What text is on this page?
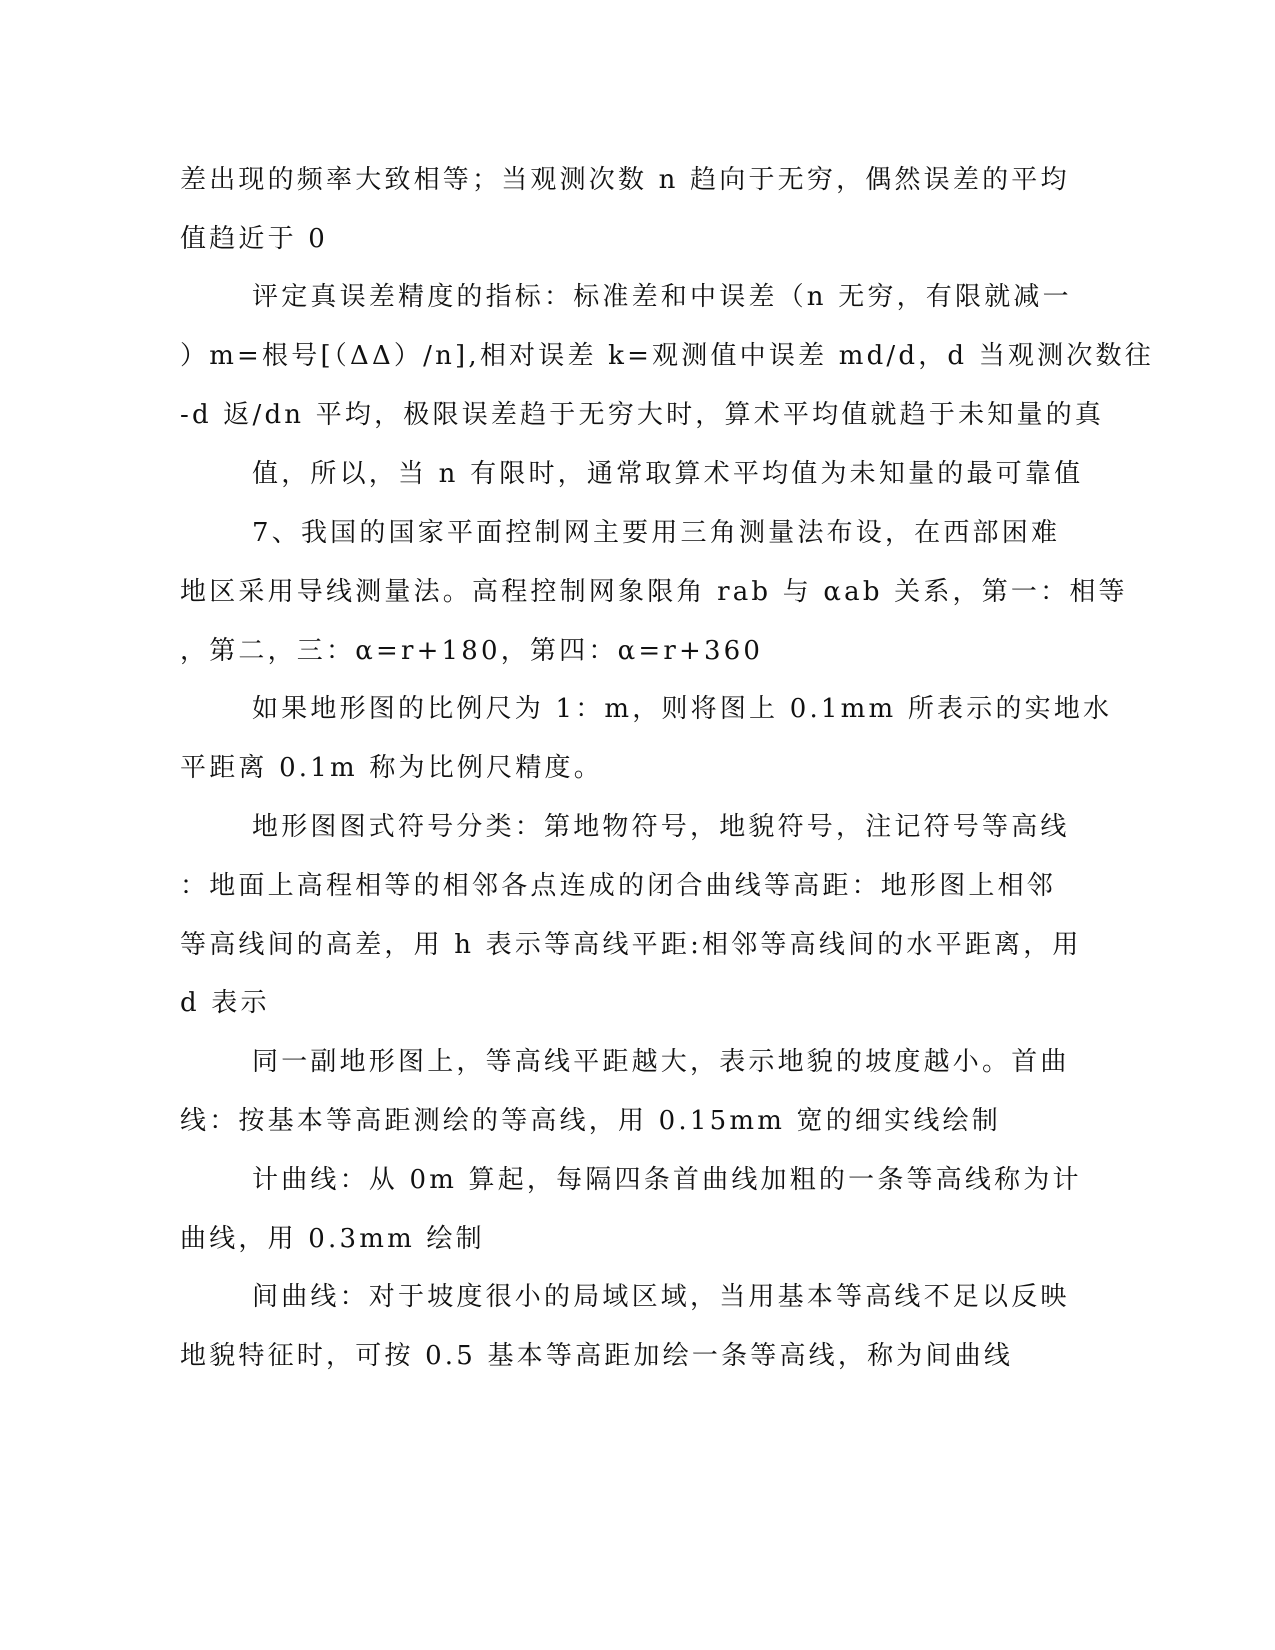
差出现的频率大致相等；当观测次数 n 趋向于无穷，偶然误差的平均
值趋近于 0
评定真误差精度的指标：标准差和中误差（n 无穷，有限就减一
）m=根号[（ΔΔ）/n],相对误差 k=观测值中误差 md/d，d 当观测次数往
-d 返/dn 平均，极限误差趋于无穷大时，算术平均值就趋于未知量的真
值，所以，当 n 有限时，通常取算术平均值为未知量的最可靠值
7、我国的国家平面控制网主要用三角测量法布设，在西部困难
地区采用导线测量法。高程控制网象限角 rab 与 αab 关系，第一：相等
，第二，三：α=r+180，第四：α=r+360
如果地形图的比例尺为 1：m，则将图上 0.1mm 所表示的实地水
平距离 0.1m 称为比例尺精度。
地形图图式符号分类：第地物符号，地貌符号，注记符号等高线
：地面上高程相等的相邻各点连成的闭合曲线等高距：地形图上相邻
等高线间的高差，用 h 表示等高线平距:相邻等高线间的水平距离，用
d 表示
同一副地形图上，等高线平距越大，表示地貌的坡度越小。首曲
线：按基本等高距测绘的等高线，用 0.15mm 宽的细实线绘制
计曲线：从 0m 算起，每隔四条首曲线加粗的一条等高线称为计
曲线，用 0.3mm 绘制
间曲线：对于坡度很小的局域区域，当用基本等高线不足以反映
地貌特征时，可按 0.5 基本等高距加绘一条等高线，称为间曲线
